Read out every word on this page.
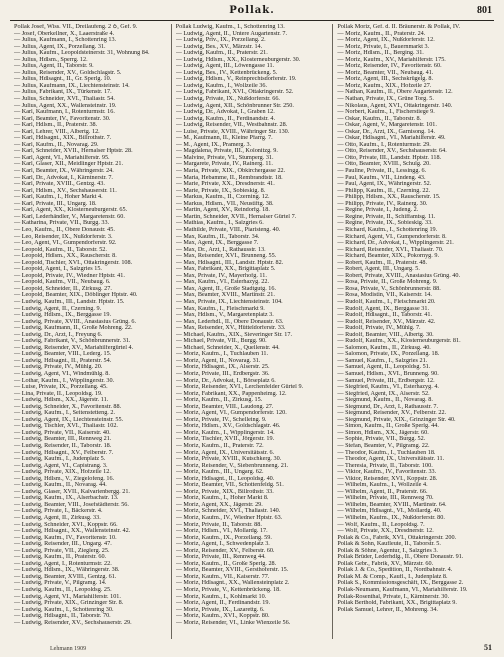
Pollak.	801
Pollak Josef, Wiss. VII., Dreilaufeng. 2 ♁, Gef. 9.
— Josef, Oberkellner, X., Laaerstraße 4.
— Julius, Kaufmann, I., Schottenring 13.
— Julius, Agent, IX., Porzellang. 31.
— Julius, Kaufm., Leopoldsteinerstr. 31, Wohnung 84.
— Julius, Hdlsm., Sperrg. 12.
— Julius, Agent, II., Taborstr. 9.
— Julius, Reisender, XV., Goldschlagstr. 5.
— Julius, Hdlsagnt., II., Gr. Sperlg. 10.
— Julius, Kaufmann, IX., Liechtensteinstr. 14.
— Julius, Fabrikant, IX., Türkenstr. 17.
— Julius, Schneider, XVI., Thaliastr. 54.
— Julius, Agent, XX., Wallensteinstr. 19.
— Karl, Kaufmann, I., Rotenturmstr. 16.
— Karl, Beamter, IV., Favoritenstr. 30.
— Karl, Hdlsm., II., Praterstr. 38.
— Karl, Lehrer, VIII., Albertg. 12.
— Karl, Hdlsagnt., XIX., Billrothstr. 7.
— Karl, Kaufm., II., Novarag. 29.
— Karl, Schneider, XVII., Hernalser Hptstr. 28.
— Karl, Agent, VI., Mariahilferstr. 95.
— Karl, Glaser, XII., Meidlinger Hptstr. 21.
— Karl, Beamter, IX., Währingerstr. 24.
— Karl, Dr., Advokat, I., Kärntnerstr. 7.
— Karl, Private, XVIII., Gentzg. 43.
— Karl, Hdlsm., XV., Sechshauserstr. 11.
— Karl, Kaufm., I., Hoher Markt 4.
— Karl, Private, III., Ungarg. 18.
— Karl, Agent, XX., Klosterneuburgerstr. 65.
— Karl, Lederhändler, V., Margaretenstr. 60.
— Katharina, Private, VII., Burgg. 33.
— Leo, Kaufm., II., Obere Donaustr. 45.
— Leo, Reisender, IX., Nußdorferstr. 3.
— Leo, Agent, VI., Gumpendorferstr. 92.
— Leopold, Kaufm., II., Taborstr. 52.
— Leopold, Hdlsm., XX., Rauscherstr. 8.
— Leopold, Tischler, XVI., Ottakringerstr. 108.
— Leopold, Agent, I., Salzgries 15.
— Leopold, Private, IV., Wiedner Hptstr. 41.
— Leopold, Kaufm., VII., Neubaug. 6.
— Leopold, Schneider, II., Zirkusg. 27.
— Leopold, Beamter, XIX., Döblinger Hptstr. 40.
— Ludwig, Kaufm., III., Landstr. Hptstr. 15.
— Ludwig, Agent, II., Czerning. 9.
— Ludwig, Hdlsm., IX., Berggasse 19.
— Ludwig, Private, XVIII., Anastasius Grüng. 6.
— Ludwig, Kaufmann, II., Große Mohreng. 22.
— Ludwig, Dr., Arzt, I., Freyung 6.
— Ludwig, Fabrikant, V., Schönbrunnerstr. 31.
— Ludwig, Reisender, XV., Mariahilfergürtel 4.
— Ludwig, Beamter, VIII., Lederg. 15.
— Ludwig, Hdlsagnt., II., Praterstr. 54.
— Ludwig, Private, IV., Mühlg. 20.
— Ludwig, Agent, VI., Windmühlg. 8.
— Lothar, Kaufm., I., Wipplingerstr. 30.
— Luise, Private, IX., Porzellang. 45.
— Lina, Private, II., Leopoldsg. 19.
— Ludwig, Hdlsm., XX., Jägerstr. 11.
— Ludwig, Schneider, X., Favoritenstr. 88.
— Ludwig, Kaufm., I., Seitenstetteng. 2.
— Ludwig, Agent, IX., Liechtensteinstr. 55.
— Ludwig, Tischler, XVI., Thaliastr. 102.
— Ludwig, Private, VII., Kaiserstr. 40.
— Ludwig, Beamter, III., Rennweg 21.
— Ludwig, Reisender, II., Taborstr. 18.
— Ludwig, Hdlsagnt., XV., Felberstr. 7.
— Ludwig, Kaufm., I., Judenplatz 5.
— Ludwig, Agent, VI., Capistrang. 3.
— Ludwig, Private, XIX., Hofzeile 12.
— Ludwig, Hdlsm., V., Ziegelofeng. 16.
— Ludwig, Kaufm., II., Novarag. 44.
— Ludwig, Glaser, XVII., Kalvarienbergg. 21.
— Ludwig, Kaufm., IX., Alserbachstr. 13.
— Ludwig, Beamter, VIII., Josefstädterstr. 56.
— Ludwig, Private, I., Bäckerstr. 4.
— Ludwig, Agent, II., Zirkusg. 33.
— Ludwig, Schneider, XVI., Koppstr. 66.
— Ludwig, Hdlsagnt., XX., Wallensteinstr. 42.
— Ludwig, Kaufm., IV., Favoritenstr. 10.
— Ludwig, Reisender, III., Ungarg. 47.
— Ludwig, Private, VII., Zieglerg. 25.
— Ludwig, Kaufm., II., Praterstr. 60.
— Ludwig, Agent, I., Rotenturmstr. 22.
— Ludwig, Hdlsm., IX., Währingerstr. 38.
— Ludwig, Beamter, XVIII., Gentzg. 61.
— Ludwig, Private, V., Pilgramg. 14.
— Ludwig, Kaufm., II., Leopoldsg. 25.
— Ludwig, Agent, VI., Mariahilferstr. 101.
— Ludwig, Private, XIX., Grinzinger Str. 8.
— Ludwig, Kaufm., I., Schottenring 30.
— Ludwig, Hdlsagnt., II., Taborstr. 70.
— Ludwig, Reisender, XV., Sechshauserstr. 29.
Pollak Ludwig, Kaufm., I., Schottenring 13.
— Ludwig, Agent, II., Untere Augartenstr. 7.
— Ludwig, Priv., IX., Porzellang. 2.
— Ludwig, Bes., XV., Märzstr. 14.
— Ludwig, Kaufm., II., Praterstr. 21.
— Ludwig, Hdlsm., XX., Klosterneuburgerstr. 30.
— Ludwig, Agent, III., Löwengasse 11.
— Ludwig, Bes., IV., Kettenbrückeng. 5.
— Ludwig, Hdlsm., V., Reinprechtsdorferstr. 19.
— Ludwig, Kaufm., I., Wollzeile 36.
— Ludwig, Fabrikant, XVI., Ottakringerstr. 52.
— Ludwig, Private, IX., Nußdorferstr. 66.
— Ludwig, Agent, XII., Schönbrunner Str. 250.
— Ludwig, Dr., Advokat, I., Graben 12.
— Ludwig, Kaufm., II., Ferdinandstr. 4.
— Ludwig, Reisender, VII., Westbahnstr. 28.
— Luise, Private, XVIII., Währinger Str. 130.
— M., Kaufmann, II., Kleine Pfarrg. 7.
— M., Agent, IX., Pramerg. 3.
— Magdalena, Private, III., Kolonitzg. 9.
— Malvine, Private, VI., Stumperg. 31.
— Margarete, Private, IV., Rainerg. 11.
— Maria, Private, XIX., Obkirchergasse 22.
— Maria, Hebamme, II., Rembrandtstr. 18.
— Marie, Private, XX., Dresdnerstr. 41.
— Marie, Private, IX., Sobieskig. 8.
— Markus, Kaufm., II., Czerning. 12.
— Markus, Hdlsm., VII., Neustiftg. 38.
— Martin, Agent, XV., Reindorfg. 18.
— Martin, Schneider, XVII., Hernalser Gürtel 7.
— Mathias, Kaufm., I., Salzgries 6.
— Mathilde, Private, VIII., Piaristeng. 40.
— Max, Kaufm., II., Taborstr. 34.
— Max, Agent, IX., Berggasse 7.
— Max, Dr., Arzt, I., Rathausstr. 13.
— Max, Reisender, XVI., Brunneng. 55.
— Max, Hdlsagnt., III., Landstr. Hptstr. 82.
— Max, Fabrikant, XX., Brigittaplatz 5.
— Max, Private, IV., Mayerhofg. 11.
— Max, Kaufm., VI., Esterhazyg. 22.
— Max, Agent, II., Große Stadtgutg. 16.
— Max, Beamter, XVIII., Martinstr. 21.
— Max, Private, IX., Liechtensteinstr. 104.
— Max, Kaufm., I., Fleischmarkt 9.
— Max, Hdlsm., V., Margaretenplatz 3.
— Max, Lederhdl., II., Obere Donaustr. 63.
— Max, Reisender, XV., Hütteldorferstr. 33.
— Michael, Kaufm., XIX., Sieveringer Str. 17.
— Michael, Private, VII., Burgg. 90.
— Michael, Schneider, X., Quellenstr. 44.
— Moriz, Kaufm., I., Tuchlauben 11.
— Moriz, Agent, II., Novarag. 31.
— Moriz, Hdlsagnt., IX., Alserstr. 25.
— Moriz, Private, III., Erdbergstr. 36.
— Moriz, Dr., Advokat, I., Börseplatz 6.
— Moriz, Reisender, XVI., Lerchenfelder Gürtel 9.
— Moriz, Fabrikant, XX., Pappenheimg. 12.
— Moriz, Kaufm., II., Zirkusg. 15.
— Moriz, Beamter, VIII., Laudong. 27.
— Moriz, Agent, VI., Gumpendorferstr. 120.
— Moriz, Private, IV., Schelleing. 9.
— Moriz, Hdlsm., XV., Goldschlagstr. 46.
— Moriz, Kaufm., I., Wipplingerstr. 14.
— Moriz, Tischler, XVII., Jörgerstr. 19.
— Moriz, Kaufm., II., Praterstr. 72.
— Moriz, Agent, IX., Universitätsstr. 6.
— Moriz, Private, XVIII., Kutschkerg. 30.
— Moriz, Reisender, V., Siebenbrunneng. 21.
— Moriz, Kaufm., III., Ungarg. 62.
— Moriz, Hdlsagnt., II., Leopoldsg. 40.
— Moriz, Beamter, VII., Schottenfeldg. 51.
— Moriz, Private, XIX., Billrothstr. 33.
— Moriz, Kaufm., I., Hoher Markt 8.
— Moriz, Agent, XX., Jägerstr. 29.
— Moriz, Schneider, XVI., Thaliastr. 140.
— Moriz, Kaufm., IV., Wiedner Hptstr. 63.
— Moriz, Private, II., Taborstr. 88.
— Moriz, Hdlsm., VI., Mollardg. 17.
— Moriz, Kaufm., IX., Porzellang. 59.
— Moriz, Agent, I., Schwedenplatz 3.
— Moriz, Reisender, XV., Felberstr. 60.
— Moriz, Private, III., Rennweg 44.
— Moriz, Kaufm., II., Große Sperlg. 28.
— Moriz, Beamter, XVIII., Gersthoferstr. 15.
— Moriz, Kaufm., VII., Kaiserstr. 77.
— Moriz, Hdlsagnt., XX., Wallensteinplatz 2.
— Moriz, Private, V., Kettenbrückeng. 18.
— Moriz, Kaufm., I., Kohlmarkt 10.
— Moriz, Agent, II., Ferdinandstr. 19.
— Moriz, Private, IX., Lazarettg. 6.
— Moriz, Kaufm., XVI., Koppstr. 80.
— Moriz, Reisender, VI., Linke Wienzeile 56.
Pollak Moriz, Gef. d. II. Bräunerstr. & Pollak, IV.
— Moriz, Kaufm., II., Praterstr. 24.
— Moriz, Agent, IX., Nußdorferstr. 12.
— Moriz, Private, I., Bauernmarkt 3.
— Moriz, Hdlsm., II., Berging. 31.
— Moriz, Kaufm., XV., Mariahilferstr. 175.
— Moriz, Reisender, IV., Favoritenstr. 60.
— Moriz, Beamter, VII., Neubaug. 41.
— Moriz, Agent, III., Sechskrügelg. 8.
— Moriz, Kaufm., XIX., Hofzeile 27.
— Nathan, Kaufm., II., Obere Augartenstr. 12.
— Nathan, Private, IX., Grüne Torg. 5.
— Nikolaus, Agent, XVI., Ottakringerstr. 140.
— Norbert, Kaufm., I., Fischerstiege 9.
— Oskar, Kaufm., II., Taborstr. 8.
— Oskar, Agent, V., Margaretenstr. 101.
— Oskar, Dr., Arzt, IX., Garnisong. 14.
— Oskar, Hdlsagnt., VI., Mariahilferstr. 49.
— Otto, Kaufm., I., Rotenturmstr. 29.
— Otto, Reisender, XV., Sechshauserstr. 64.
— Otto, Private, III., Landstr. Hptstr. 118.
— Otto, Beamter, XVIII., Schulg. 20.
— Pauline, Private, II., Lessingg. 6.
— Paul, Kaufm., VII., Lindeng. 43.
— Paul, Agent, IX., Währingerstr. 52.
— Philipp, Kaufm., II., Czerning. 22.
— Philipp, Hdlsm., XX., Rauscherstr. 15.
— Philipp, Private, IV., Rainerg. 30.
— Regine, Private, I., Judeng. 2.
— Regine, Private, II., Schiffamtsg. 11.
— Regine, Private, IX., Sobieskig. 33.
— Richard, Kaufm., I., Schottenring 19.
— Richard, Agent, VI., Gumpendorferstr. 8.
— Richard, Dr., Advokat, I., Wipplingerstr. 21.
— Richard, Reisender, XVI., Thaliastr. 70.
— Richard, Beamter, XIX., Pokornyg. 9.
— Robert, Kaufm., II., Praterstr. 48.
— Robert, Agent, III., Ungarg. 5.
— Robert, Private, XVIII., Anastasius Grüng. 40.
— Rosa, Private, II., Große Mohreng. 9.
— Rosa, Private, V., Schönbrunnerstr. 88.
— Rosa, Modistin, VII., Kaiserstr. 14.
— Rudolf, Kaufm., I., Fleischmarkt 20.
— Rudolf, Agent, IX., Berggasse 31.
— Rudolf, Hdlsagnt., II., Taborstr. 41.
— Rudolf, Reisender, XV., Märzstr. 42.
— Rudolf, Private, IV., Mühlg. 7.
— Rudolf, Beamter, VIII., Albertg. 30.
— Rudolf, Kaufm., XX., Klosterneuburgerstr. 81.
— Salomon, Kaufm., II., Zirkusg. 40.
— Salomon, Private, IX., Porzellang. 18.
— Samuel, Kaufm., I., Salzgries 21.
— Samuel, Agent, II., Leopoldsg. 51.
— Samuel, Hdlsm., XVI., Brunneng. 90.
— Samuel, Private, III., Erdbergstr. 12.
— Siegfried, Kaufm., VI., Esterhazyg. 4.
— Siegfried, Agent, IX., Alserstr. 52.
— Siegmund, Kaufm., II., Novarag. 8.
— Siegmund, Dr., Arzt, I., Rathausstr. 7.
— Siegmund, Reisender, XV., Felberstr. 22.
— Siegmund, Private, XIX., Grinzinger Str. 40.
— Simon, Kaufm., II., Große Sperlg. 44.
— Simon, Hdlsm., XX., Jägerstr. 60.
— Sophie, Private, VII., Burgg. 52.
— Stefan, Beamter, V., Pilgramg. 22.
— Theodor, Kaufm., I., Tuchlauben 18.
— Theodor, Agent, IX., Universitätsstr. 11.
— Theresia, Private, II., Taborstr. 100.
— Viktor, Kaufm., IV., Favoritenstr. 33.
— Viktor, Reisender, XVI., Koppstr. 28.
— Wilhelm, Kaufm., I., Wollzeile 4.
— Wilhelm, Agent, II., Praterstr. 66.
— Wilhelm, Private, III., Rennweg 70.
— Wilhelm, Beamter, XVIII., Martinstr. 64.
— Wilhelm, Hdlsagnt., VI., Mollardg. 40.
— Wilhelm, Kaufm., IX., Nußdorferstr. 80.
— Wolf, Kaufm., II., Leopoldsg. 7.
— Wolf, Private, XX., Dresdnerstr. 12.
Pollak & Co., Fabrik, XVI., Ottakringerstr. 200.
Pollak & Sohn, Kaufleute, II., Taborstr. 5.
Pollak & Söhne, Agentur, I., Salzgries 3.
Pollak Brüder, Lederhdlg., II., Obere Donaustr. 91.
Pollak Gebr., Fabrik, XV., Märzstr. 60.
Pollak J. & Co., Spedition, II., Nordbahnstr. 4.
Pollak M. & Comp., Kaufl., I., Judenplatz 8.
Pollak S., Kommissionsgeschäft, IX., Berggasse 2.
Pollak-Neumann, Kaufmann, VI., Mariahilferstr. 19.
Pollak-Rosenthal, Private, I., Kärntnerstr. 30.
Pollak Berthold, Fabrikant, XX., Brigittaplatz 9.
Pollak Samuel, Lehrer, II., Mohreng. 34.
Lehmann 1909	51
